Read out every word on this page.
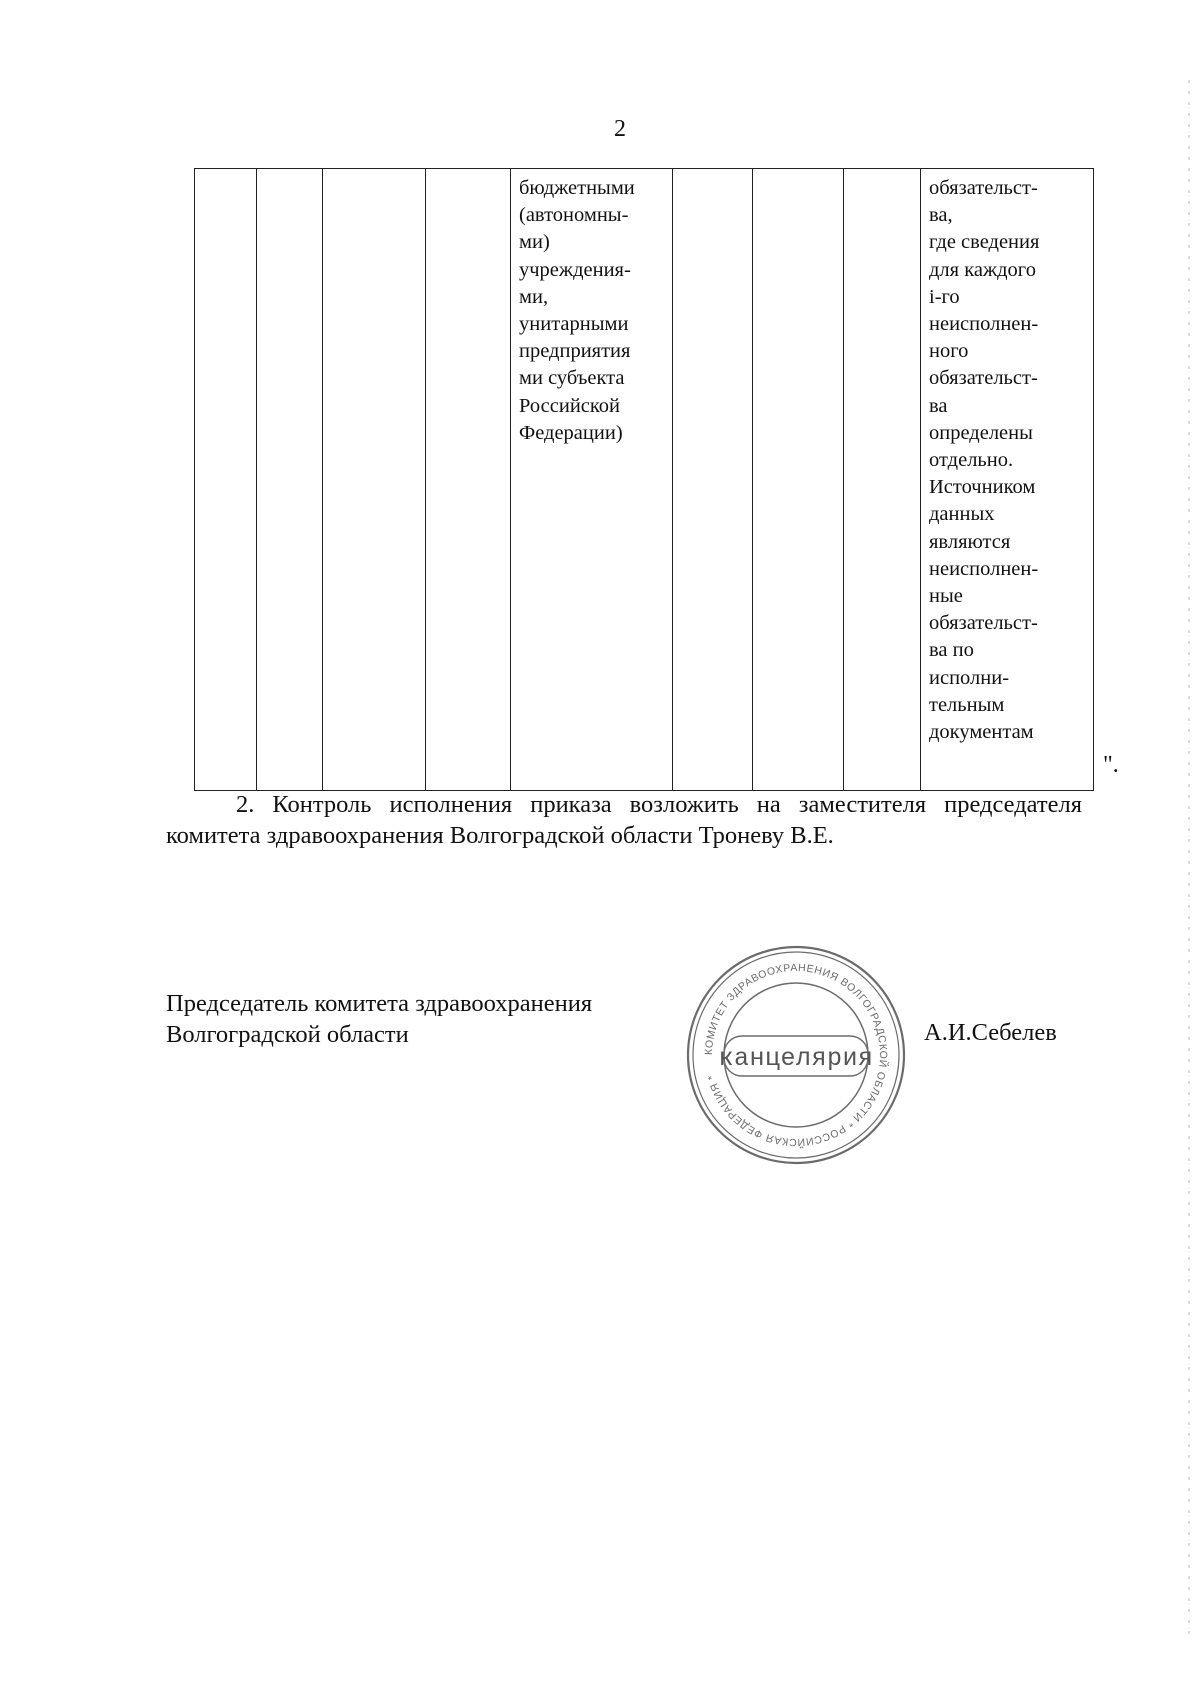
2
				бюджетными
(автономны-
ми)
учреждения-
ми,
унитарными
предприятия
ми субъекта
Российской
Федерации)				обязательст-
ва,
где сведения
для каждого
i-го
неисполнен-
ного
обязательст-
ва
определены
отдельно.
Источником
данных
являются
неисполнен-
ные
обязательст-
ва по
исполни-
тельным
документам
".
2. Контроль исполнения приказа возложить на заместителя председателя комитета здравоохранения Волгоградской области Троневу В.Е.
Председатель комитета здравоохранения
Волгоградской области	А.И.Себелев
КОМИТЕТ ЗДРАВООХРАНЕНИЯ ВОЛГОГРАДСКОЙ ОБЛАСТИ * РОССИЙСКАЯ ФЕДЕРАЦИЯ *
канцелярия
